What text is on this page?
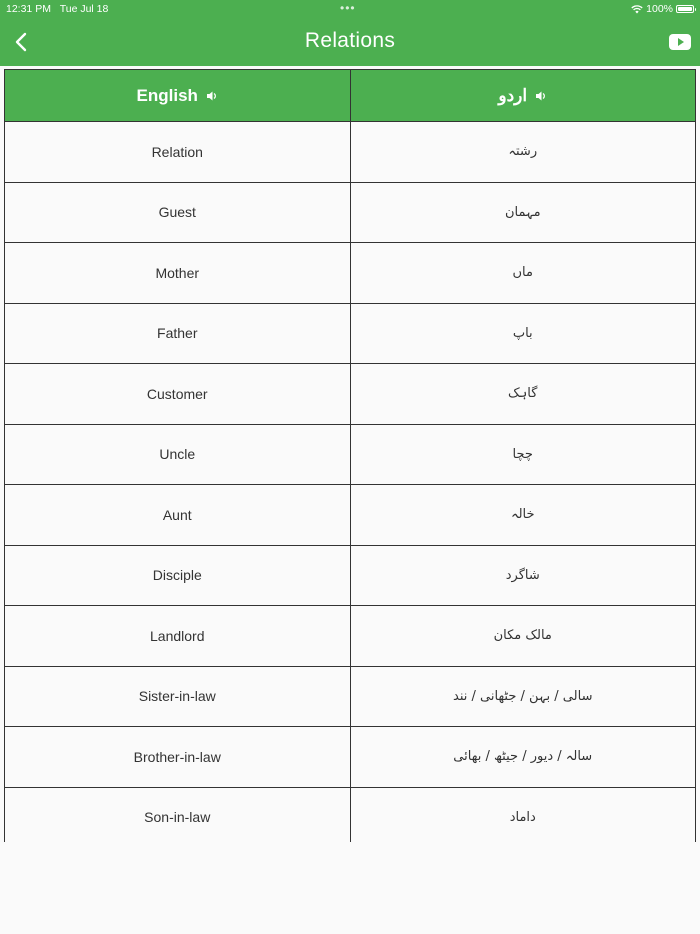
12:31 PM Tue Jul 18	•••	100%
Relations
English	اردو

Relation	رشتہ
Guest	مہمان
Mother	ماں
Father	باپ
Customer	گاہک
Uncle	چچا
Aunt	خالہ
Disciple	شاگرد
Landlord	مالک مکان
Sister-in-law	سالی / بہن / جٹھانی / نند
Brother-in-law	سالہ / دیور / جیٹھ / بھائی
Son-in-law	داماد
